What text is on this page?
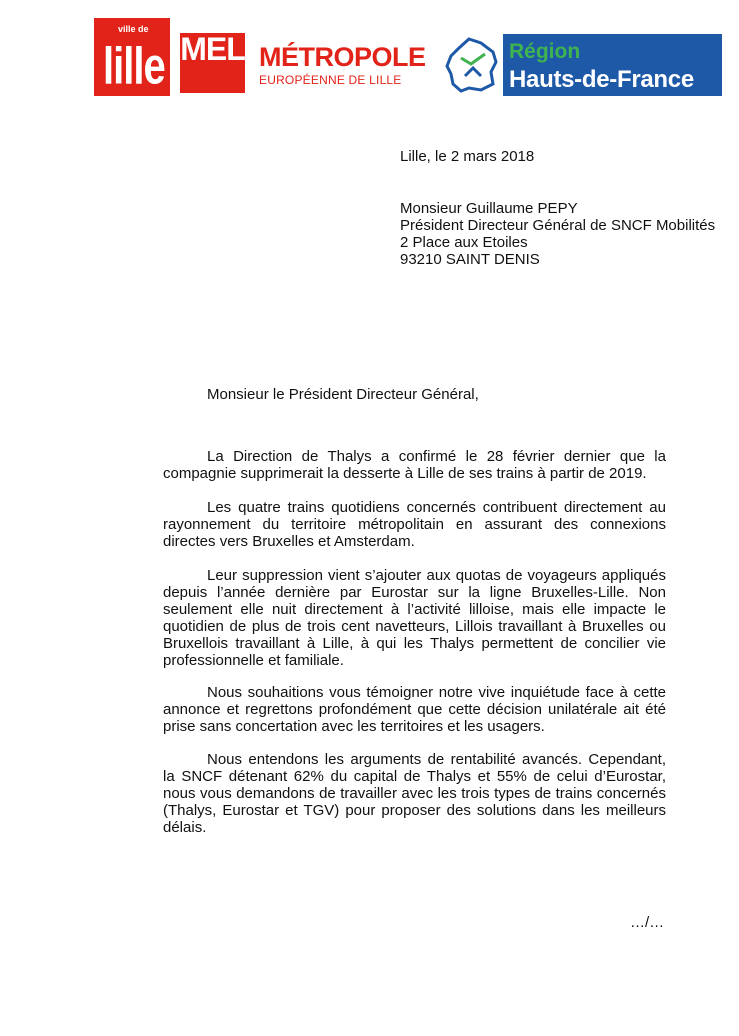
ville de
lille MEL MÉTROPOLE
EUROPÉENNE DE LILLE
Région
Hauts-de-France
Lille, le 2 mars 2018
Monsieur Guillaume PEPY
Président Directeur Général de SNCF Mobilités
2 Place aux Etoiles
93210 SAINT DENIS
Monsieur le Président Directeur Général,

La Direction de Thalys a confirmé le 28 février dernier que la compagnie supprimerait la desserte à Lille de ses trains à partir de 2019.

Les quatre trains quotidiens concernés contribuent directement au rayonnement du territoire métropolitain en assurant des connexions directes vers Bruxelles et Amsterdam.

Leur suppression vient s’ajouter aux quotas de voyageurs appliqués depuis l’année dernière par Eurostar sur la ligne Bruxelles-Lille. Non seulement elle nuit directement à l’activité lilloise, mais elle impacte le quotidien de plus de trois cent navetteurs, Lillois travaillant à Bruxelles ou Bruxellois travaillant à Lille, à qui les Thalys permettent de concilier vie professionnelle et familiale.

Nous souhaitions vous témoigner notre vive inquiétude face à cette annonce et regrettons profondément que cette décision unilatérale ait été prise sans concertation avec les territoires et les usagers.

Nous entendons les arguments de rentabilité avancés. Cependant, la SNCF détenant 62% du capital de Thalys et 55% de celui d’Eurostar, nous vous demandons de travailler avec les trois types de trains concernés (Thalys, Eurostar et TGV) pour proposer des solutions dans les meilleurs délais.

…/…
